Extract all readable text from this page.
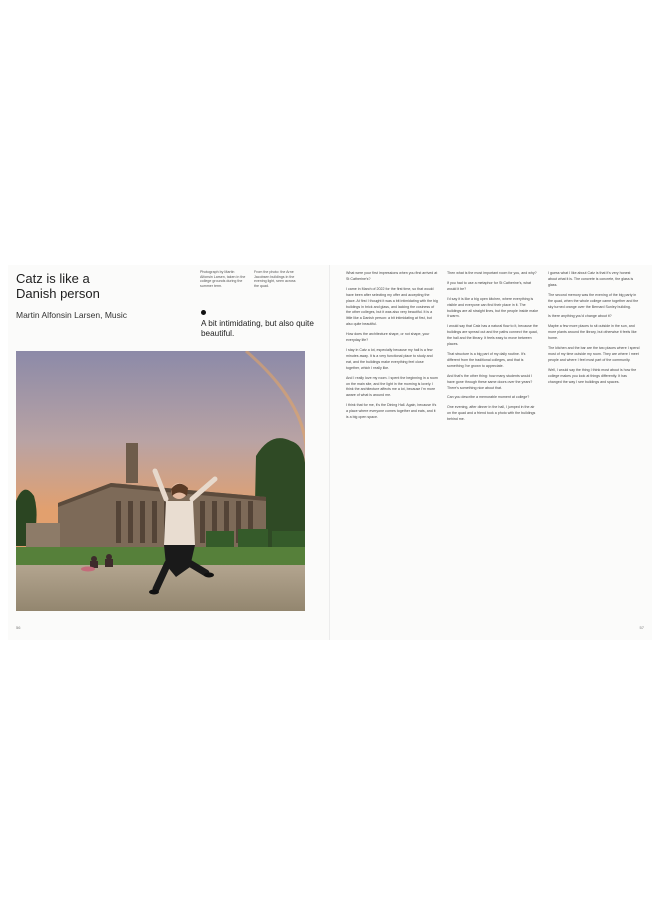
Catz is like a Danish person
Martin Alfonsin Larsen, Music
Photograph by Martin Alfonsin Larsen, taken in the college grounds during the summer term.
From the photo: the Arne Jacobsen buildings in the evening light, seen across the quad.
A bit intimidating, but also quite beautiful.
56

What were your first impressions when you first arrived at St Catherine's?

I came in March of 2022 for the first time, so that would have been after selecting my offer and accepting the place. At first I thought it was a bit intimidating with the big buildings in brick and glass, and lacking the cosiness of the other colleges, but it was also very beautiful. It is a little like a Danish person: a bit intimidating at first, but also quite beautiful.

How does the architecture shape, or not shape, your everyday life?

I stay in Catz a lot, especially because my hall is a few minutes away. It is a very functional place to study and eat, and the buildings make everything feel close together, which I really like.

And I really love my room. I spent the beginning in a room on the main site, and the light in the morning is lovely. I think the architecture affects me a lot, because I'm more aware of what is around me.

I think that for me, it's the Dining Hall. Again, because it's a place where everyone comes together and eats, and it is a big open space.

Then what is the most important room for you, and why?

If you had to use a metaphor for St Catherine's, what would it be?

I'd say it is like a big open kitchen, where everything is visible and everyone can find their place in it. The buildings are all straight lines, but the people inside make it warm.

I would say that Catz has a natural flow to it, because the buildings are spread out and the paths connect the quad, the hall and the library. It feels easy to move between places.

That structure is a big part of my daily routine. It's different from the traditional colleges, and that is something I've grown to appreciate.

And that's the other thing: how many students would I have gone through these same doors over the years? There's something nice about that.

Can you describe a memorable moment at college?

One evening, after dinner in the hall, I jumped in the air on the quad and a friend took a photo with the buildings behind me.

I guess what I like about Catz is that it's very honest about what it is. The concrete is concrete, the glass is glass.

The second memory was the evening of the big party in the quad, when the whole college came together and the sky turned orange over the Bernard Sunley building.

Is there anything you'd change about it?

Maybe a few more places to sit outside in the sun, and more plants around the library, but otherwise it feels like home.

The kitchen and the bar are the two places where I spend most of my time outside my room. They are where I meet people and where I feel most part of the community.

Well, I would say the thing I think most about is how the college makes you look at things differently. It has changed the way I see buildings and spaces.

57
